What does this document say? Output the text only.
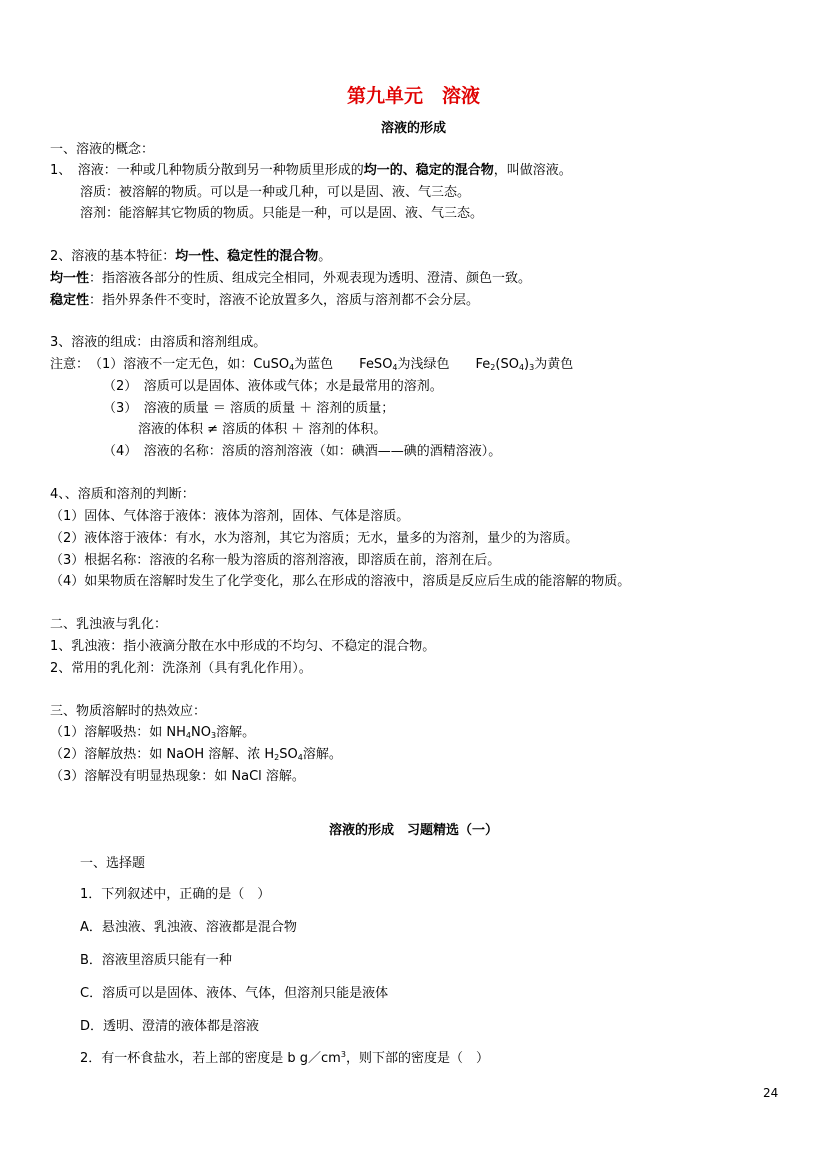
第九单元　溶液
溶液的形成
一、溶液的概念：
1、　溶液：一种或几种物质分散到另一种物质里形成的均一的、稳定的混合物，叫做溶液。
溶质：被溶解的物质。可以是一种或几种，可以是固、液、气三态。
溶剂：能溶解其它物质的物质。只能是一种，可以是固、液、气三态。
2、溶液的基本特征：均一性、稳定性的混合物。
均一性：指溶液各部分的性质、组成完全相同，外观表现为透明、澄清、颜色一致。
稳定性：指外界条件不变时，溶液不论放置多久，溶质与溶剂都不会分层。
3、溶液的组成：由溶质和溶剂组成。
注意：　（1）溶液不一定无色，如：CuSO$_4$为蓝色　　FeSO$_4$为浅绿色　　$Fe_2(SO_4)_3$为黄色
（2）　溶质可以是固体、液体或气体；水是最常用的溶剂。
（3）　溶液的质量 ＝ 溶质的质量 ＋ 溶剂的质量；
溶液的体积 ≠ 溶质的体积 ＋ 溶剂的体积。
（4）　溶液的名称：溶质的溶剂溶液（如：碘酒——碘的酒精溶液）。
4、、溶质和溶剂的判断：
（1）固体、气体溶于液体：液体为溶剂，固体、气体是溶质。
（2）液体溶于液体：有水，水为溶剂，其它为溶质；无水，量多的为溶剂，量少的为溶质。
（3）根据名称：溶液的名称一般为溶质的溶剂溶液，即溶质在前，溶剂在后。
（4）如果物质在溶解时发生了化学变化，那么在形成的溶液中，溶质是反应后生成的能溶解的物质。
二、乳浊液与乳化：
1、乳浊液：指小液滴分散在水中形成的不均匀、不稳定的混合物。
2、常用的乳化剂：洗涤剂（具有乳化作用）。
三、物质溶解时的热效应：
（1）溶解吸热：如 $NH_4NO_3$溶解。
（2）溶解放热：如 NaOH 溶解、浓 $H_2SO_4$溶解。
（3）溶解没有明显热现象：如 NaCl 溶解。
溶液的形成　习题精选（一）
一、选择题
1．下列叙述中，正确的是（　）
A．悬浊液、乳浊液、溶液都是混合物
B．溶液里溶质只能有一种
C．溶质可以是固体、液体、气体，但溶剂只能是液体
D．透明、澄清的液体都是溶液
2．有一杯食盐水，若上部的密度是 b $g/cm^3$，则下部的密度是（　）
24
